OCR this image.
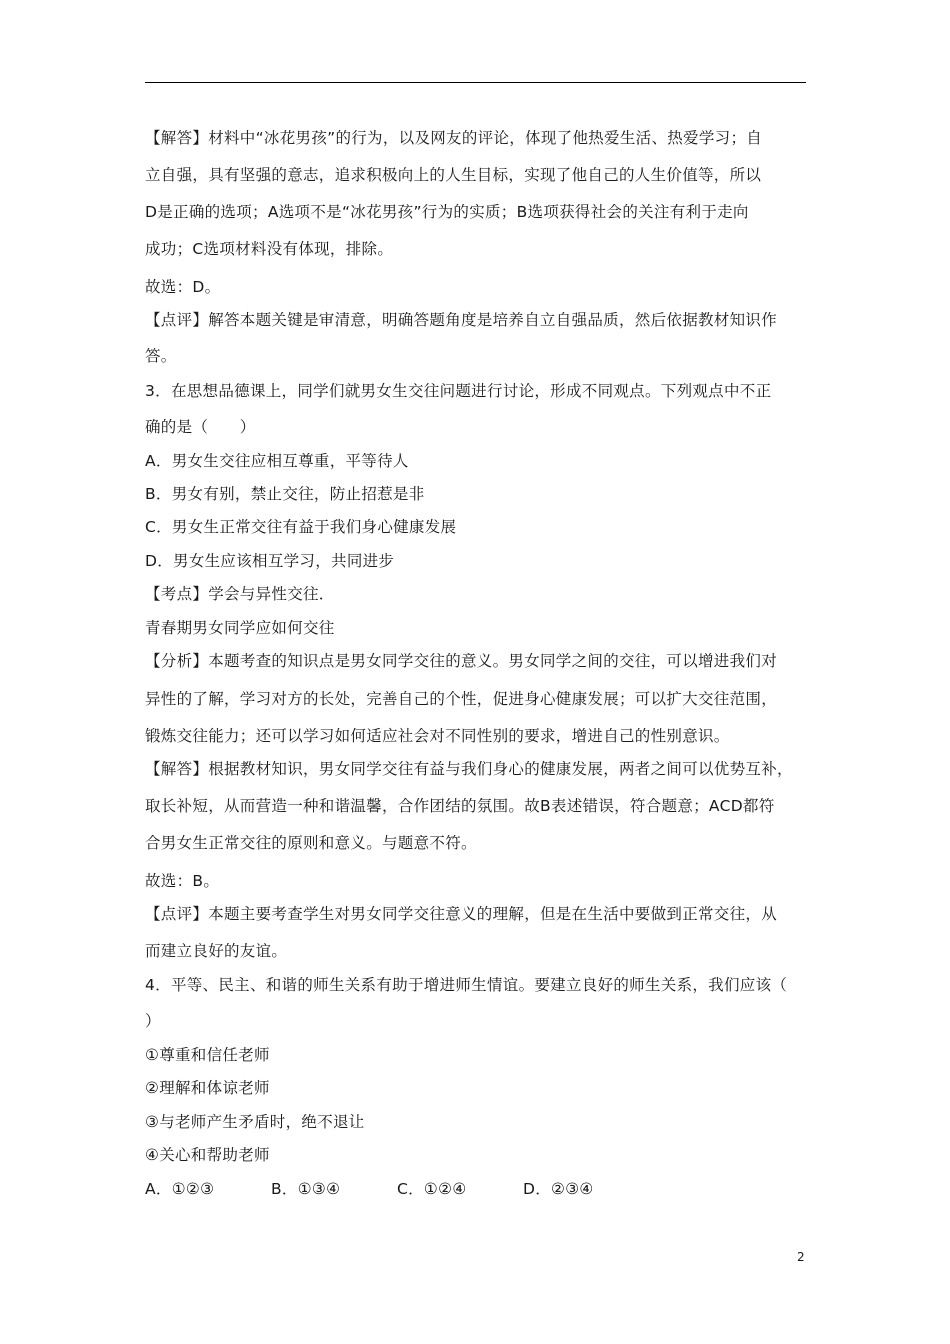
【解答】材料中“冰花男孩”的行为，以及网友的评论，体现了他热爱生活、热爱学习；自
立自强，具有坚强的意志，追求积极向上的人生目标，实现了他自己的人生价值等，所以
D是正确的选项；A选项不是“冰花男孩”行为的实质；B选项获得社会的关注有利于走向
成功；C选项材料没有体现，排除。
故选：D。
【点评】解答本题关键是审清意，明确答题角度是培养自立自强品质，然后依据教材知识作
答。
3．在思想品德课上，同学们就男女生交往问题进行讨论，形成不同观点。下列观点中不正
确的是（　　）
A．男女生交往应相互尊重，平等待人
B．男女有别，禁止交往，防止招惹是非
C．男女生正常交往有益于我们身心健康发展
D．男女生应该相互学习，共同进步
【考点】学会与异性交往．
青春期男女同学应如何交往
【分析】本题考查的知识点是男女同学交往的意义。男女同学之间的交往，可以增进我们对
异性的了解，学习对方的长处，完善自己的个性，促进身心健康发展；可以扩大交往范围，
锻炼交往能力；还可以学习如何适应社会对不同性别的要求，增进自己的性别意识。
【解答】根据教材知识，男女同学交往有益与我们身心的健康发展，两者之间可以优势互补，
取长补短，从而营造一种和谐温馨，合作团结的氛围。故B表述错误，符合题意；ACD都符
合男女生正常交往的原则和意义。与题意不符。
故选：B。
【点评】本题主要考查学生对男女同学交往意义的理解，但是在生活中要做到正常交往，从
而建立良好的友谊。
4．平等、民主、和谐的师生关系有助于增进师生情谊。要建立良好的师生关系，我们应该（
）
①尊重和信任老师
②理解和体谅老师
③与老师产生矛盾时，绝不退让
④关心和帮助老师
A．①②③	B．①③④	C．①②④	D．②③④
2
